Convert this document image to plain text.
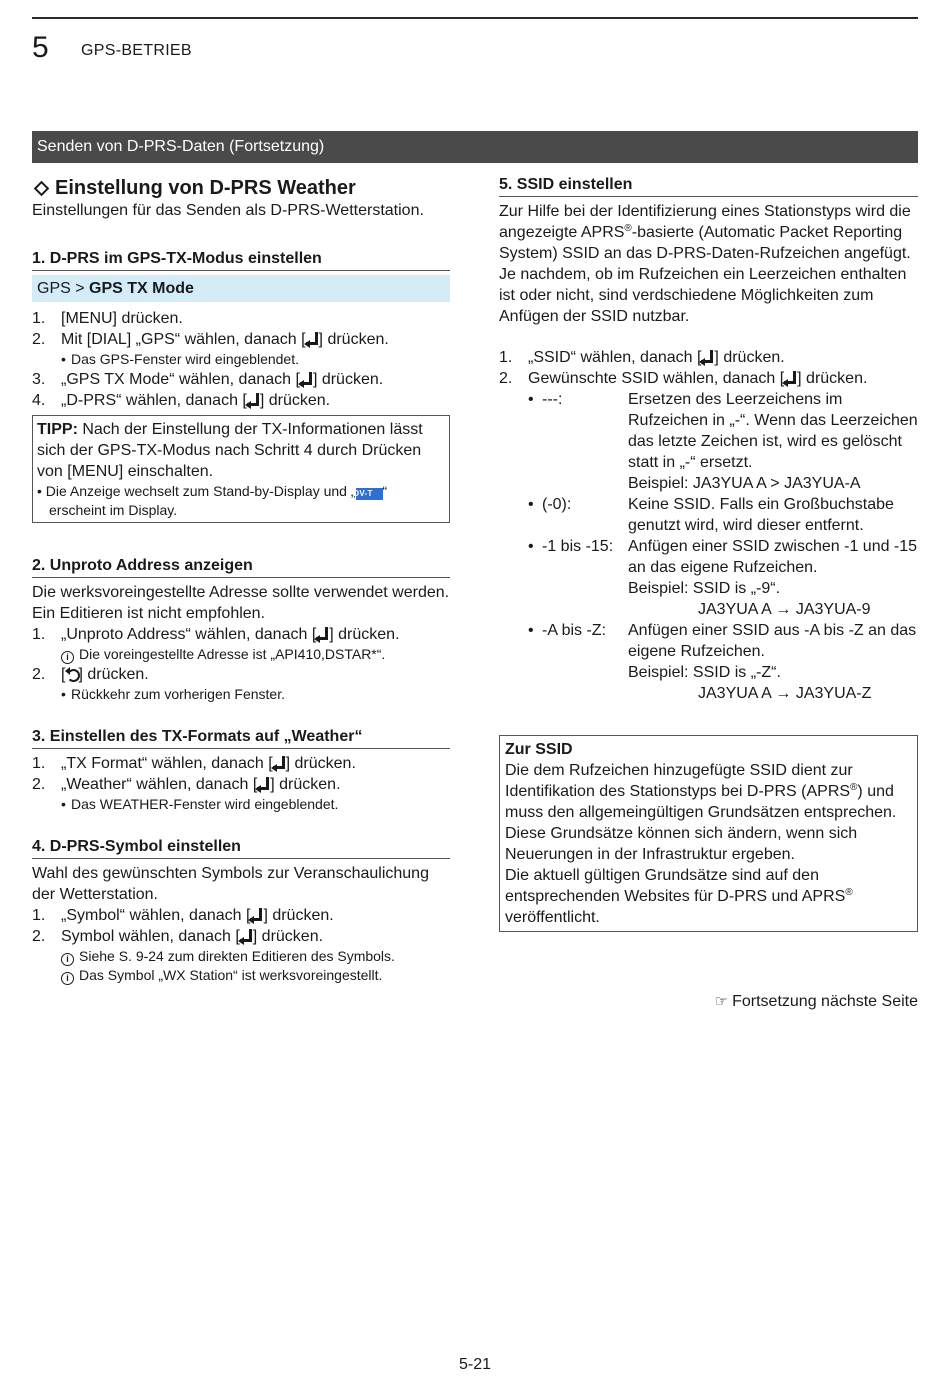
5 GPS-BETRIEB
Senden von D-PRS-Daten (Fortsetzung)
Einstellung von D-PRS Weather
Einstellungen für das Senden als D-PRS-Wetterstation.
1. D-PRS im GPS-TX-Modus einstellen
GPS > GPS TX Mode
1. [MENU] drücken.
2. Mit [DIAL] „GPS“ wählen, danach [ ] drücken.
• Das GPS-Fenster wird eingeblendet.
3. „GPS TX Mode“ wählen, danach [ ] drücken.
4. „D-PRS“ wählen, danach [ ] drücken.
TIPP: Nach der Einstellung der TX-Informationen lässt sich der GPS-TX-Modus nach Schritt 4 durch Drücken von [MENU] einschalten.
• Die Anzeige wechselt zum Stand-by-Display und „DV-T “ erscheint im Display.
2. Unproto Address anzeigen
Die werksvoreingestellte Adresse sollte verwendet werden. Ein Editieren ist nicht empfohlen.
1. „Unproto Address“ wählen, danach [ ] drücken.
i Die voreingestellte Adresse ist „API410,DSTAR*“.
2. [ ] drücken.
• Rückkehr zum vorherigen Fenster.
3. Einstellen des TX-Formats auf „Weather“
1. „TX Format“ wählen, danach [ ] drücken.
2. „Weather“ wählen, danach [ ] drücken.
• Das WEATHER-Fenster wird eingeblendet.
4. D-PRS-Symbol einstellen
Wahl des gewünschten Symbols zur Veranschaulichung der Wetterstation.
1. „Symbol“ wählen, danach [ ] drücken.
2. Symbol wählen, danach [ ] drücken.
i Siehe S. 9-24 zum direkten Editieren des Symbols.
i Das Symbol „WX Station“ ist werksvoreingestellt.
5. SSID einstellen
Zur Hilfe bei der Identifizierung eines Stationstyps wird die angezeigte APRS®-basierte (Automatic Packet Reporting System) SSID an das D-PRS-Daten-Rufzeichen angefügt.
Je nachdem, ob im Rufzeichen ein Leerzeichen enthalten ist oder nicht, sind verdschiedene Möglichkeiten zum Anfügen der SSID nutzbar.
1. „SSID“ wählen, danach [ ] drücken.
2. Gewünschte SSID wählen, danach [ ] drücken.
• ---:	Ersetzen des Leerzeichens im Rufzeichen in „-“. Wenn das Leerzeichen das letzte Zeichen ist, wird es gelöscht statt in „-“ ersetzt.
Beispiel: JA3YUA A > JA3YUA-A
• (-0):	Keine SSID. Falls ein Großbuchstabe genutzt wird, wird dieser entfernt.
• -1 bis -15: Anfügen einer SSID zwischen -1 und -15 an das eigene Rufzeichen.
Beispiel: SSID is „-9“.
JA3YUA A → JA3YUA-9
• -A bis -Z:	Anfügen einer SSID aus -A bis -Z an das eigene Rufzeichen.
Beispiel: SSID is „-Z“.
JA3YUA A → JA3YUA-Z
Zur SSID
Die dem Rufzeichen hinzugefügte SSID dient zur Identifikation des Stationstyps bei D-PRS (APRS®) und muss den allgemeingültigen Grundsätzen entsprechen.
Diese Grundsätze können sich ändern, wenn sich Neuerungen in der Infrastruktur ergeben.
Die aktuell gültigen Grundsätze sind auf den entsprechenden Websites für D-PRS und APRS® veröffentlicht.
☞ Fortsetzung nächste Seite
5-21
